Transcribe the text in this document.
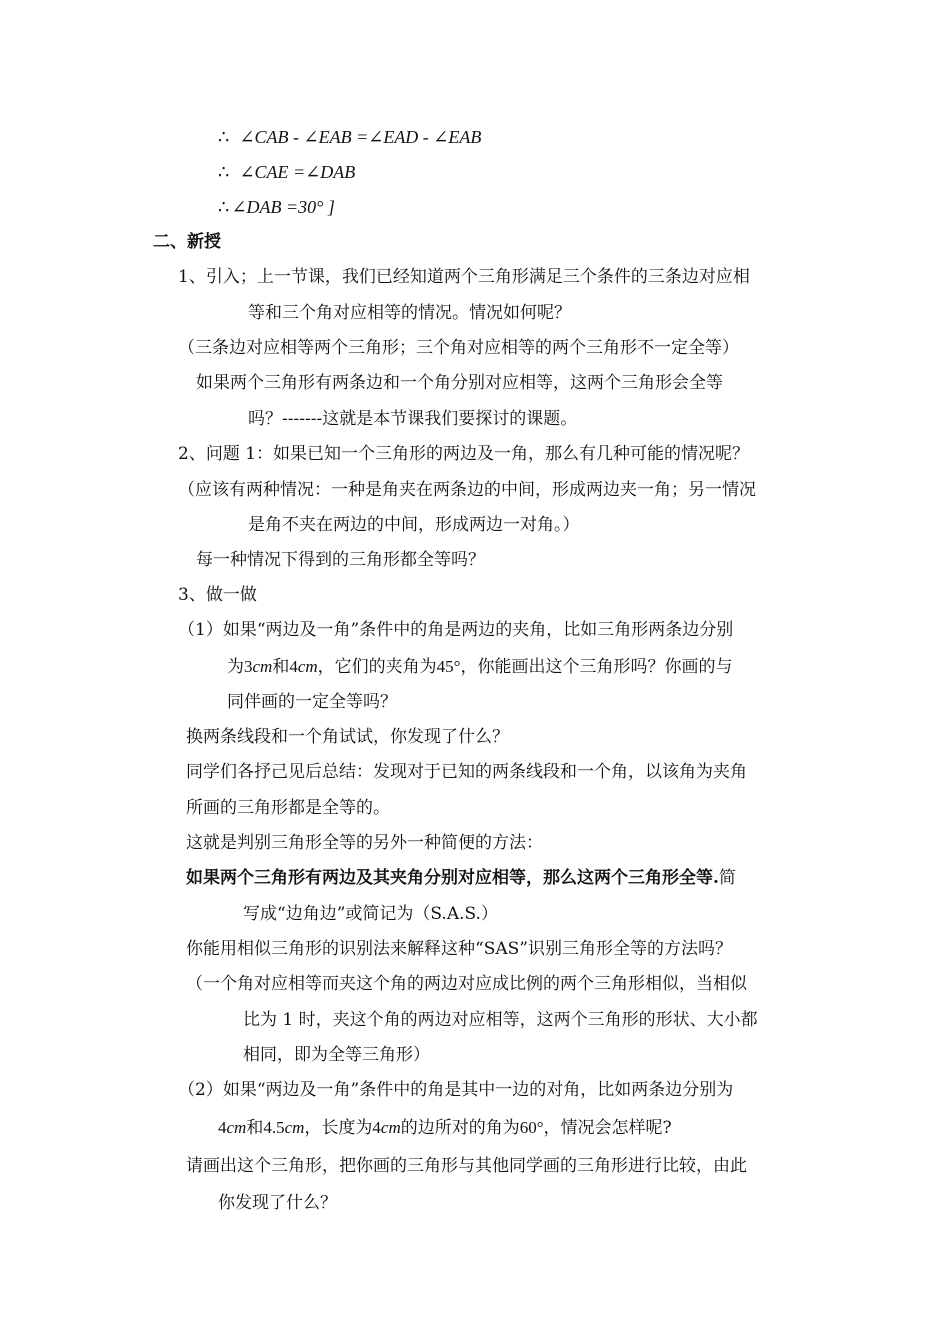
∴ ∠CAB - ∠EAB =∠EAD - ∠EAB
∴ ∠CAE =∠DAB
∴ ∠DAB =30° ]
二、新授
1、引入；上一节课，我们已经知道两个三角形满足三个条件的三条边对应相
等和三个角对应相等的情况。情况如何呢？
（三条边对应相等两个三角形；三个角对应相等的两个三角形不一定全等）
如果两个三角形有两条边和一个角分别对应相等，这两个三角形会全等
吗？-------这就是本节课我们要探讨的课题。
2、问题 1：如果已知一个三角形的两边及一角，那么有几种可能的情况呢？
（应该有两种情况：一种是角夹在两条边的中间，形成两边夹一角；另一情况
是角不夹在两边的中间，形成两边一对角。）
每一种情况下得到的三角形都全等吗？
3、做一做
（1）如果“两边及一角”条件中的角是两边的夹角，比如三角形两条边分别
为3cm和4cm，它们的夹角为45°，你能画出这个三角形吗？你画的与
同伴画的一定全等吗？
换两条线段和一个角试试，你发现了什么？
同学们各抒己见后总结：发现对于已知的两条线段和一个角，以该角为夹角
所画的三角形都是全等的。
这就是判别三角形全等的另外一种简便的方法：
如果两个三角形有两边及其夹角分别对应相等，那么这两个三角形全等.简
写成“边角边”或简记为（S.A.S.）
你能用相似三角形的识别法来解释这种“SAS”识别三角形全等的方法吗？
（一个角对应相等而夹这个角的两边对应成比例的两个三角形相似，当相似
比为 1 时，夹这个角的两边对应相等，这两个三角形的形状、大小都
相同，即为全等三角形）
（2）如果“两边及一角”条件中的角是其中一边的对角，比如两条边分别为
4cm和4.5cm，长度为4cm的边所对的角为60°，情况会怎样呢?
请画出这个三角形，把你画的三角形与其他同学画的三角形进行比较，由此
你发现了什么？
